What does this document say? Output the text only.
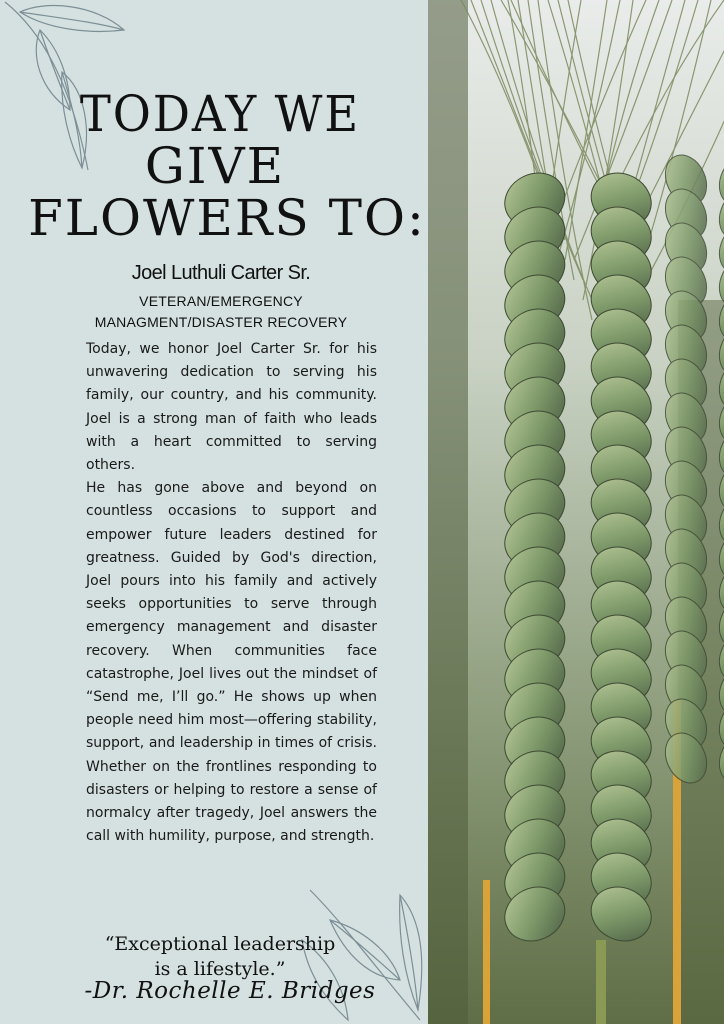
TODAY WE
GIVE
FLOWERS TO:
Joel Luthuli Carter Sr.
VETERAN/EMERGENCY
MANAGMENT/DISASTER RECOVERY

Today, we honor Joel Carter Sr. for his unwavering dedication to serving his family, our country, and his community. Joel is a strong man of faith who leads with a heart committed to serving others.

He has gone above and beyond on countless occasions to support and empower future leaders destined for greatness. Guided by God's direction, Joel pours into his family and actively seeks opportunities to serve through emergency management and disaster recovery. When communities face catastrophe, Joel lives out the mindset of “Send me, I’ll go.” He shows up when people need him most—offering stability, support, and leadership in times of crisis. Whether on the frontlines responding to disasters or helping to restore a sense of normalcy after tragedy, Joel answers the call with humility, purpose, and strength.

“Exceptional leadership
is a lifestyle.”
-Dr. Rochelle E. Bridges
